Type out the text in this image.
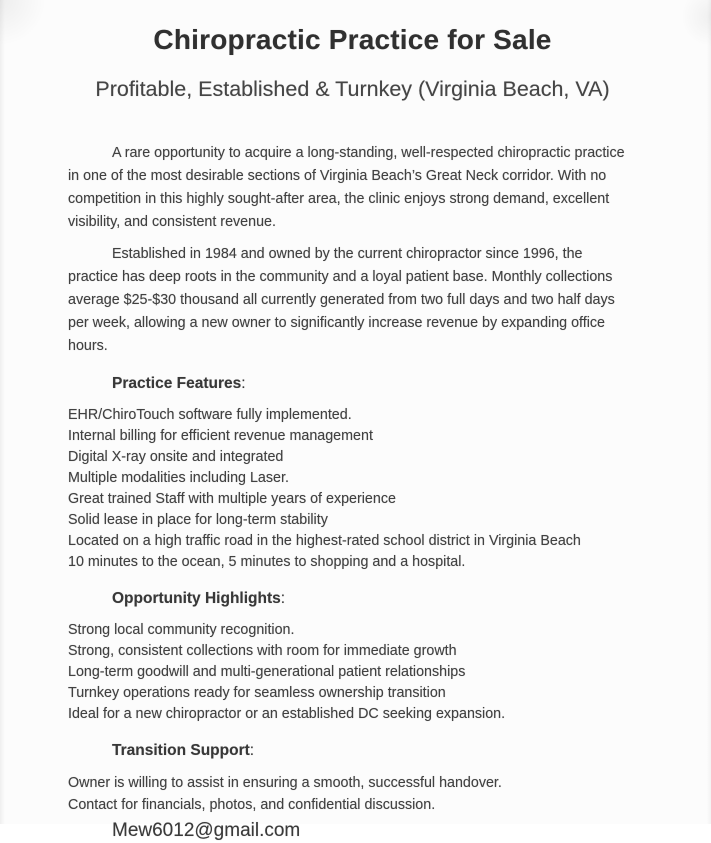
Chiropractic Practice for Sale
Profitable, Established & Turnkey (Virginia Beach, VA)

A rare opportunity to acquire a long-standing, well-respected chiropractic practice in one of the most desirable sections of Virginia Beach’s Great Neck corridor. With no competition in this highly sought-after area, the clinic enjoys strong demand, excellent visibility, and consistent revenue.

Established in 1984 and owned by the current chiropractor since 1996, the practice has deep roots in the community and a loyal patient base. Monthly collections average $25-$30 thousand all currently generated from two full days and two half days per week, allowing a new owner to significantly increase revenue by expanding office hours.

Practice Features:
EHR/ChiroTouch software fully implemented.
Internal billing for efficient revenue management
Digital X-ray onsite and integrated
Multiple modalities including Laser.
Great trained Staff with multiple years of experience
Solid lease in place for long-term stability
Located on a high traffic road in the highest-rated school district in Virginia Beach
10 minutes to the ocean, 5 minutes to shopping and a hospital.
Opportunity Highlights:
Strong local community recognition.
Strong, consistent collections with room for immediate growth
Long-term goodwill and multi-generational patient relationships
Turnkey operations ready for seamless ownership transition
Ideal for a new chiropractor or an established DC seeking expansion.
Transition Support:
Owner is willing to assist in ensuring a smooth, successful handover.
Contact for financials, photos, and confidential discussion.
Mew6012@gmail.com
